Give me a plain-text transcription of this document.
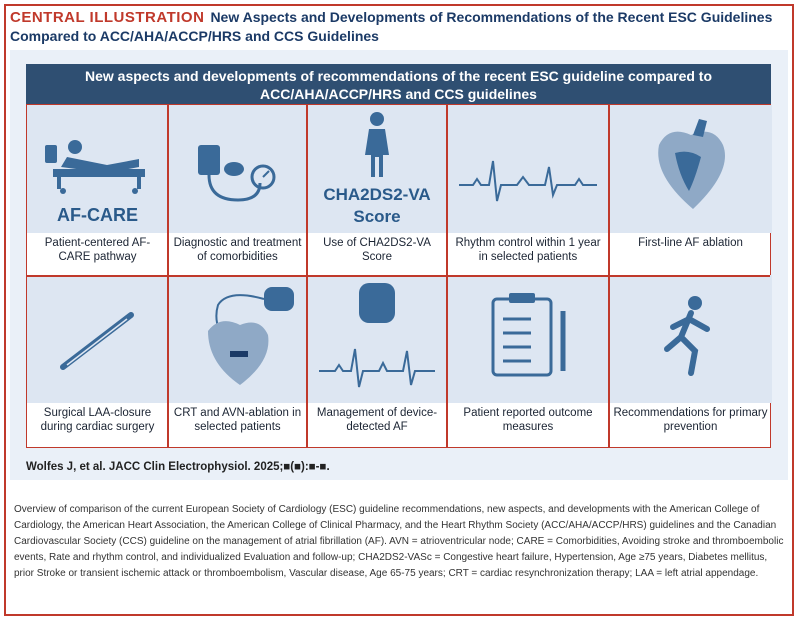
CENTRAL ILLUSTRATION New Aspects and Developments of Recommendations of the Recent ESC Guidelines Compared to ACC/AHA/ACCP/HRS and CCS Guidelines
New aspects and developments of recommendations of the recent ESC guideline compared to ACC/AHA/ACCP/HRS and CCS guidelines
AF-CARE
Patient-centered AF-CARE pathway
Diagnostic and treatment of comorbidities
CHA2DS2-VA
Score
Use of CHA2DS2-VA Score
Rhythm control within 1 year in selected patients
First-line AF ablation
Surgical LAA-closure during cardiac surgery
CRT and AVN-ablation in selected patients
Management of device-detected AF
Patient reported outcome measures
Recommendations for primary prevention
Wolfes J, et al. JACC Clin Electrophysiol. 2025;■(■):■-■.
Overview of comparison of the current European Society of Cardiology (ESC) guideline recommendations, new aspects, and developments with the American College of Cardiology, the American Heart Association, the American College of Clinical Pharmacy, and the Heart Rhythm Society (ACC/AHA/ACCP/HRS) guidelines and the Canadian Cardiovascular Society (CCS) guideline on the management of atrial fibrillation (AF). AVN = atrioventricular node; CARE = Comorbidities, Avoiding stroke and thromboembolic events, Rate and rhythm control, and individualized Evaluation and follow-up; CHA2DS2-VASc = Congestive heart failure, Hypertension, Age ≥75 years, Diabetes mellitus, prior Stroke or transient ischemic attack or thromboembolism, Vascular disease, Age 65-75 years; CRT = cardiac resynchronization therapy; LAA = left atrial appendage.
